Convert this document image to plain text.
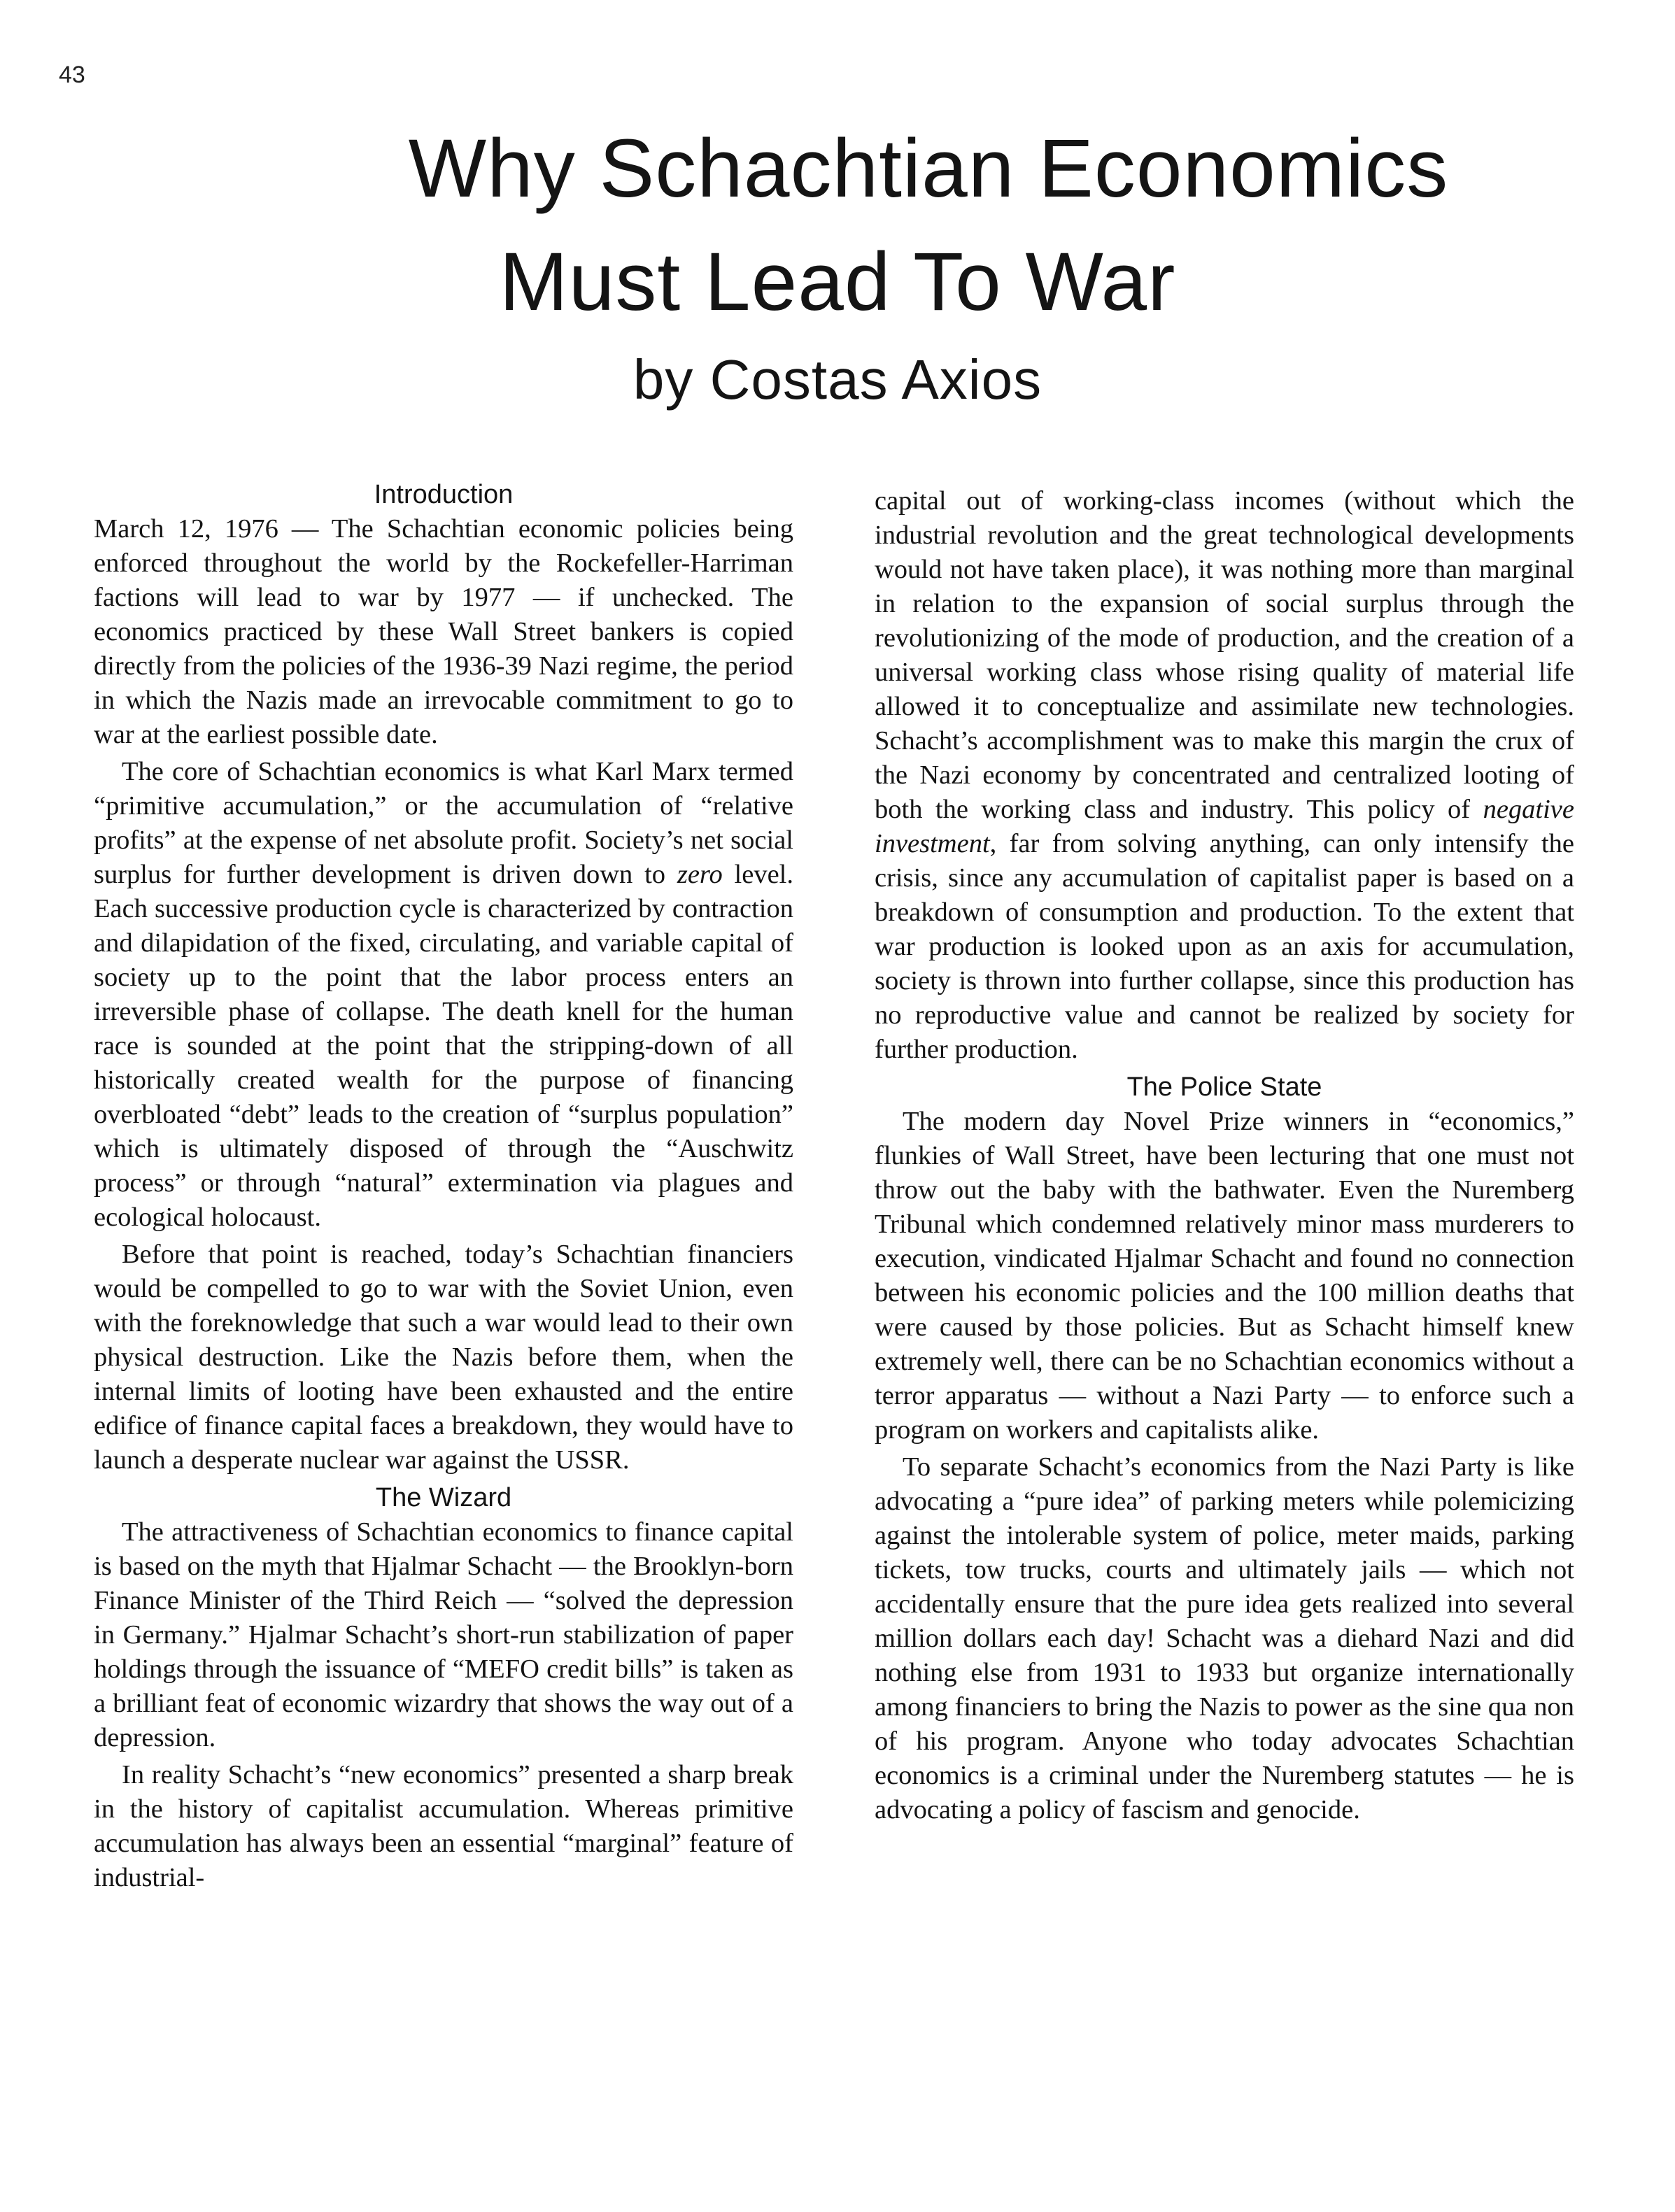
43
Why Schachtian Economics
Must Lead To War
by Costas Axios
Introduction

March 12, 1976 — The Schachtian economic policies being enforced throughout the world by the Rockefeller-Harriman factions will lead to war by 1977 — if unchecked. The economics practiced by these Wall Street bankers is copied directly from the policies of the 1936-39 Nazi regime, the period in which the Nazis made an irrevocable commitment to go to war at the earliest possible date.

The core of Schachtian economics is what Karl Marx termed “primitive accumulation,” or the accumulation of “relative profits” at the expense of net absolute profit. Society’s net social surplus for further development is driven down to zero level. Each successive production cycle is characterized by contraction and dilapidation of the fixed, circulating, and variable capital of society up to the point that the labor process enters an irreversible phase of collapse. The death knell for the human race is sounded at the point that the stripping-down of all historically created wealth for the purpose of financing overbloated “debt” leads to the creation of “surplus population” which is ultimately disposed of through the “Auschwitz process” or through “natural” extermination via plagues and ecological holocaust.

Before that point is reached, today’s Schachtian financiers would be compelled to go to war with the Soviet Union, even with the foreknowledge that such a war would lead to their own physical destruction. Like the Nazis before them, when the internal limits of looting have been exhausted and the entire edifice of finance capital faces a breakdown, they would have to launch a desperate nuclear war against the USSR.

The Wizard

The attractiveness of Schachtian economics to finance capital is based on the myth that Hjalmar Schacht — the Brooklyn-born Finance Minister of the Third Reich — “solved the depression in Germany.” Hjalmar Schacht’s short-run stabilization of paper holdings through the issuance of “MEFO credit bills” is taken as a brilliant feat of economic wizardry that shows the way out of a depression.

In reality Schacht’s “new economics” presented a sharp break in the history of capitalist accumulation. Whereas primitive accumulation has always been an essential “marginal” feature of industrial-

capital out of working-class incomes (without which the industrial revolution and the great technological developments would not have taken place), it was nothing more than marginal in relation to the expansion of social surplus through the revolutionizing of the mode of production, and the creation of a universal working class whose rising quality of material life allowed it to conceptualize and assimilate new technologies. Schacht’s accomplishment was to make this margin the crux of the Nazi economy by concentrated and centralized looting of both the working class and industry. This policy of negative investment, far from solving anything, can only intensify the crisis, since any accumulation of capitalist paper is based on a breakdown of consumption and production. To the extent that war production is looked upon as an axis for accumulation, society is thrown into further collapse, since this production has no reproductive value and cannot be realized by society for further production.

The Police State

The modern day Novel Prize winners in “economics,” flunkies of Wall Street, have been lecturing that one must not throw out the baby with the bathwater. Even the Nuremberg Tribunal which condemned relatively minor mass murderers to execution, vindicated Hjalmar Schacht and found no connection between his economic policies and the 100 million deaths that were caused by those policies. But as Schacht himself knew extremely well, there can be no Schachtian economics without a terror apparatus — without a Nazi Party — to enforce such a program on workers and capitalists alike.

To separate Schacht’s economics from the Nazi Party is like advocating a “pure idea” of parking meters while polemicizing against the intolerable system of police, meter maids, parking tickets, tow trucks, courts and ultimately jails — which not accidentally ensure that the pure idea gets realized into several million dollars each day! Schacht was a diehard Nazi and did nothing else from 1931 to 1933 but organize internationally among financiers to bring the Nazis to power as the sine qua non of his program. Anyone who today advocates Schachtian economics is a criminal under the Nuremberg statutes — he is advocating a policy of fascism and genocide.
